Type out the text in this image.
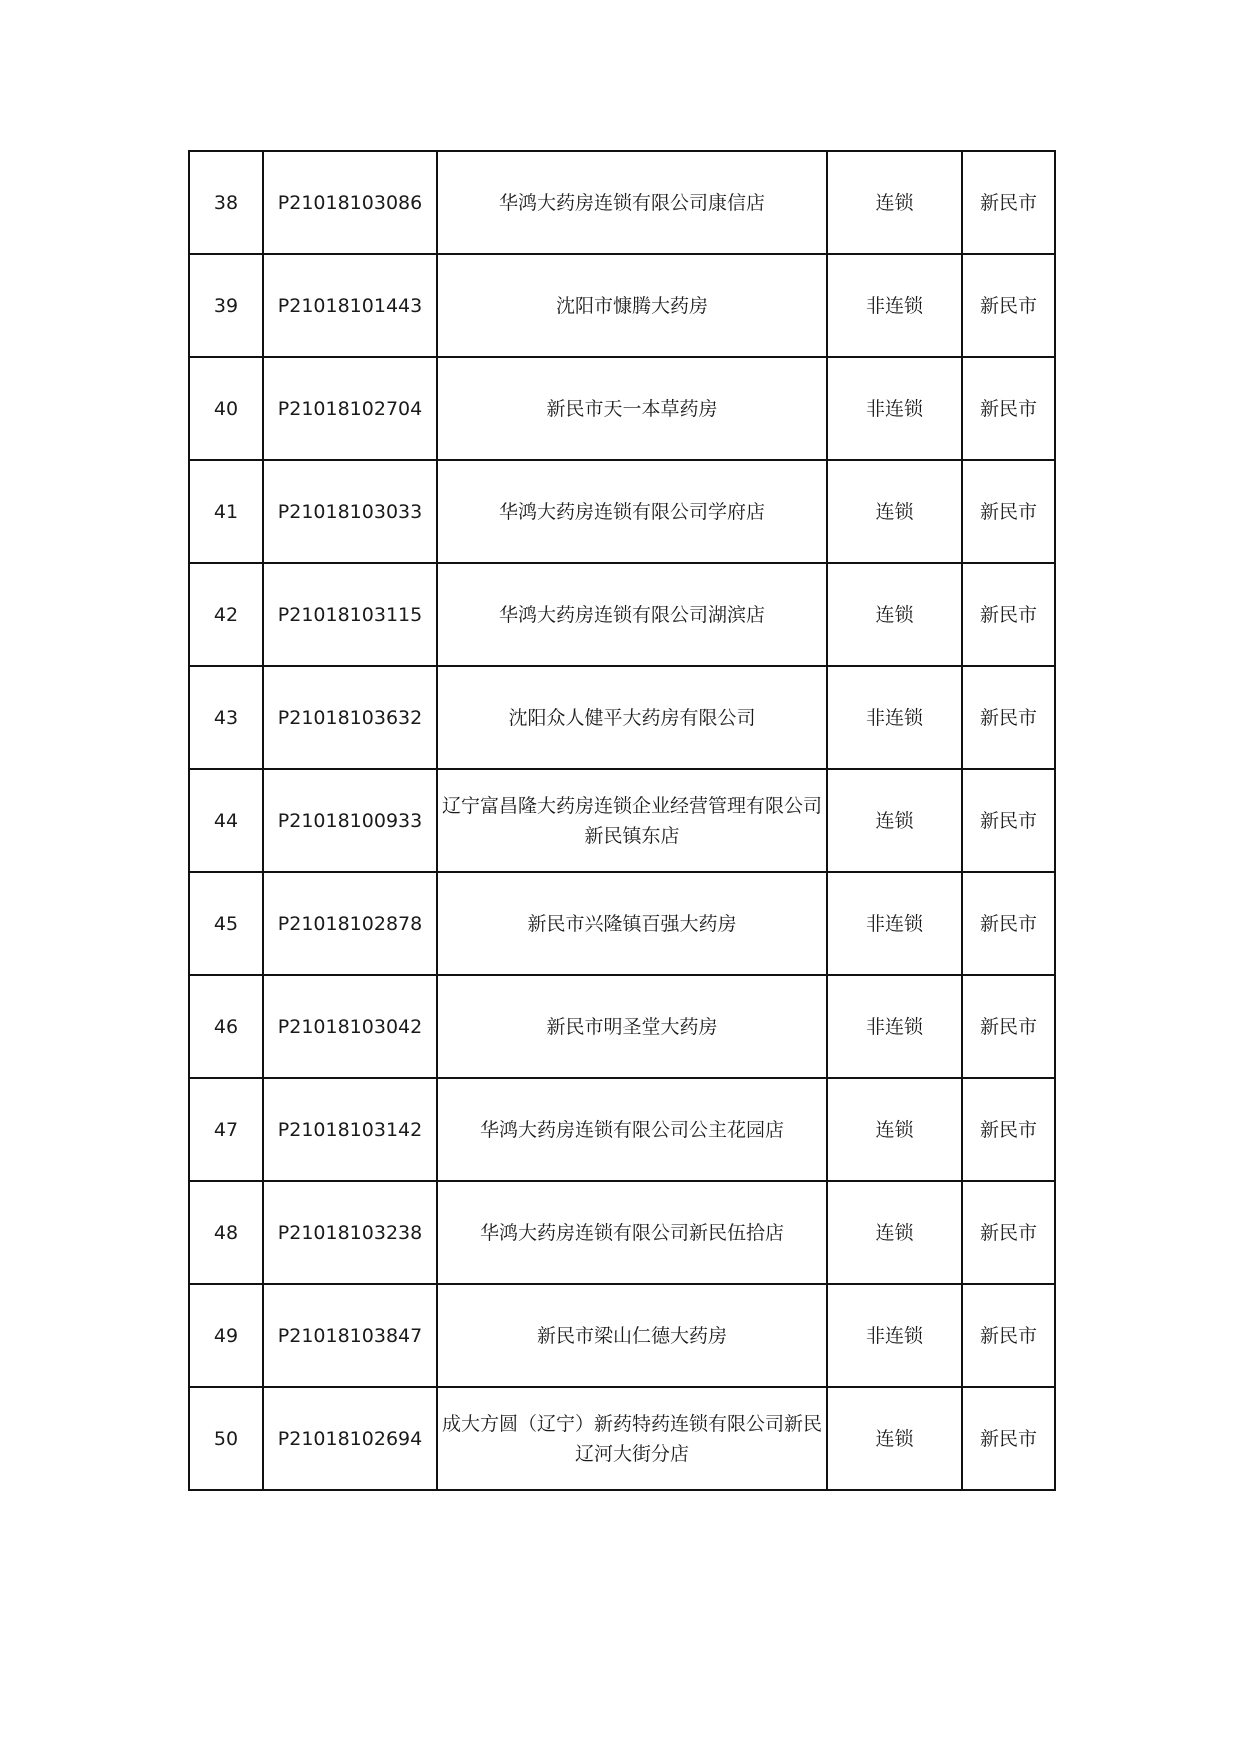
38	P21018103086	华鸿大药房连锁有限公司康信店	连锁	新民市
39	P21018101443	沈阳市慷腾大药房	非连锁	新民市
40	P21018102704	新民市天一本草药房	非连锁	新民市
41	P21018103033	华鸿大药房连锁有限公司学府店	连锁	新民市
42	P21018103115	华鸿大药房连锁有限公司湖滨店	连锁	新民市
43	P21018103632	沈阳众人健平大药房有限公司	非连锁	新民市
44	P21018100933	辽宁富昌隆大药房连锁企业经营管理有限公司新民镇东店	连锁	新民市
45	P21018102878	新民市兴隆镇百强大药房	非连锁	新民市
46	P21018103042	新民市明圣堂大药房	非连锁	新民市
47	P21018103142	华鸿大药房连锁有限公司公主花园店	连锁	新民市
48	P21018103238	华鸿大药房连锁有限公司新民伍拾店	连锁	新民市
49	P21018103847	新民市梁山仁德大药房	非连锁	新民市
50	P21018102694	成大方圆（辽宁）新药特药连锁有限公司新民辽河大街分店	连锁	新民市
